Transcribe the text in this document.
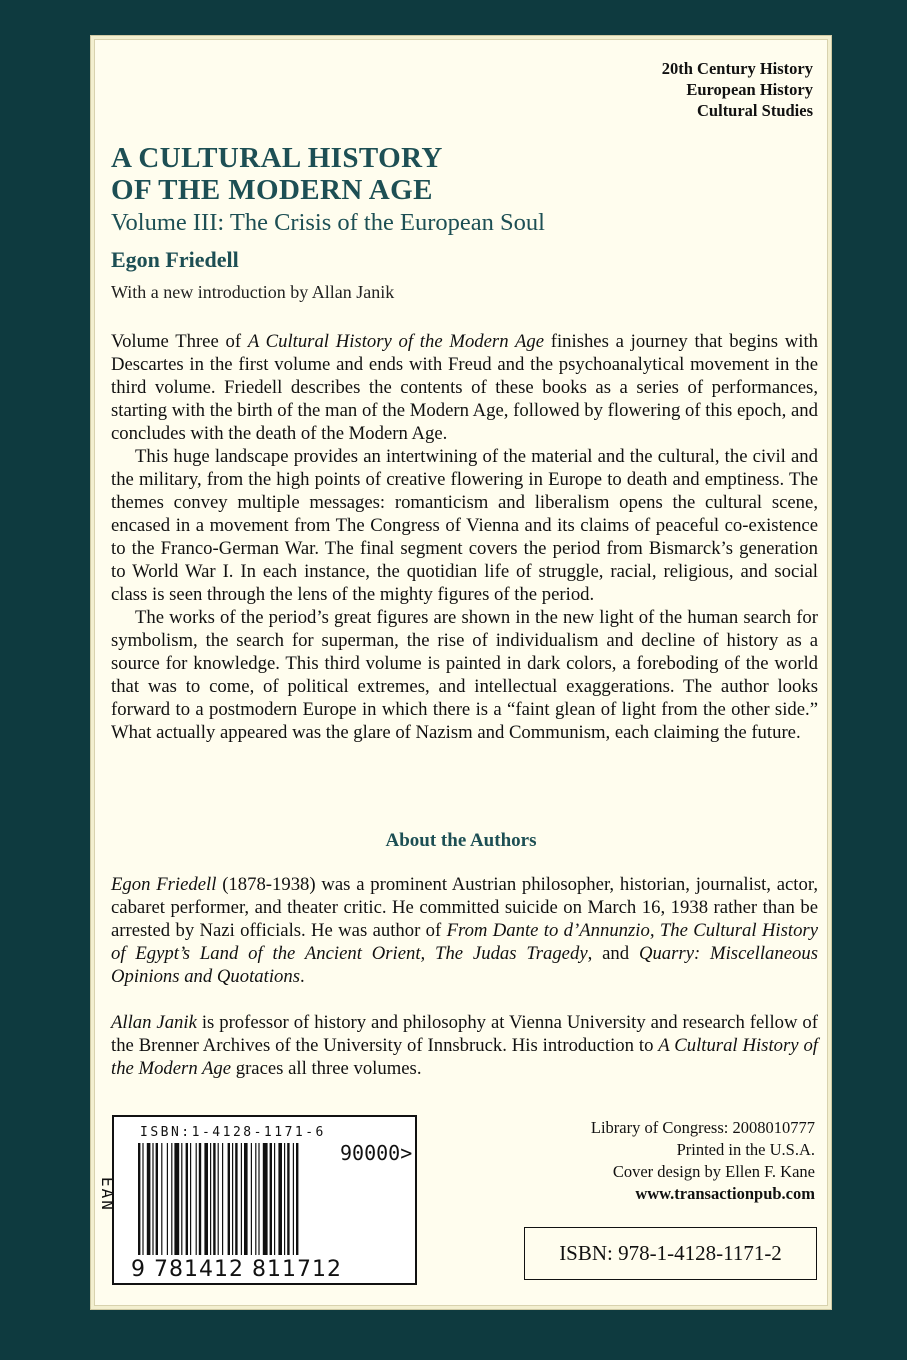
20th Century History
European History
Cultural Studies
A CULTURAL HISTORY
OF THE MODERN AGE
Volume III: The Crisis of the European Soul
Egon Friedell
With a new introduction by Allan Janik

Volume Three of A Cultural History of the Modern Age finishes a journey that begins with Descartes in the first volume and ends with Freud and the psychoanalytical movement in the third volume. Friedell describes the contents of these books as a series of performances, starting with the birth of the man of the Modern Age, followed by flowering of this epoch, and concludes with the death of the Modern Age.

This huge landscape provides an intertwining of the material and the cultural, the civil and the military, from the high points of creative flowering in Europe to death and emptiness. The themes convey multiple messages: romanticism and liberalism opens the cultural scene, encased in a movement from The Congress of Vienna and its claims of peaceful co-existence to the Franco-German War. The final segment covers the period from Bismarck’s generation to World War I. In each instance, the quotidian life of struggle, racial, religious, and social class is seen through the lens of the mighty figures of the period.

The works of the period’s great figures are shown in the new light of the human search for symbolism, the search for superman, the rise of individualism and decline of history as a source for knowledge. This third volume is painted in dark colors, a foreboding of the world that was to come, of political extremes, and intellectual exaggerations. The author looks forward to a postmodern Europe in which there is a “faint glean of light from the other side.” What actually appeared was the glare of Nazism and Communism, each claiming the future.

About the Authors

Egon Friedell (1878-1938) was a prominent Austrian philosopher, historian, journalist, actor, cabaret performer, and theater critic. He committed suicide on March 16, 1938 rather than be arrested by Nazi officials. He was author of From Dante to d’Annunzio, The Cultural History of Egypt’s Land of the Ancient Orient, The Judas Tragedy, and Quarry: Miscellaneous Opinions and Quotations.

Allan Janik is professor of history and philosophy at Vienna University and research fellow of the Brenner Archives of the University of Innsbruck. His introduction to A Cultural History of the Modern Age graces all three volumes.

ISBN:1-4128-1171-6
EAN
90000>
9 781412 811712
Library of Congress: 2008010777
Printed in the U.S.A.
Cover design by Ellen F. Kane
www.transactionpub.com
ISBN: 978-1-4128-1171-2
